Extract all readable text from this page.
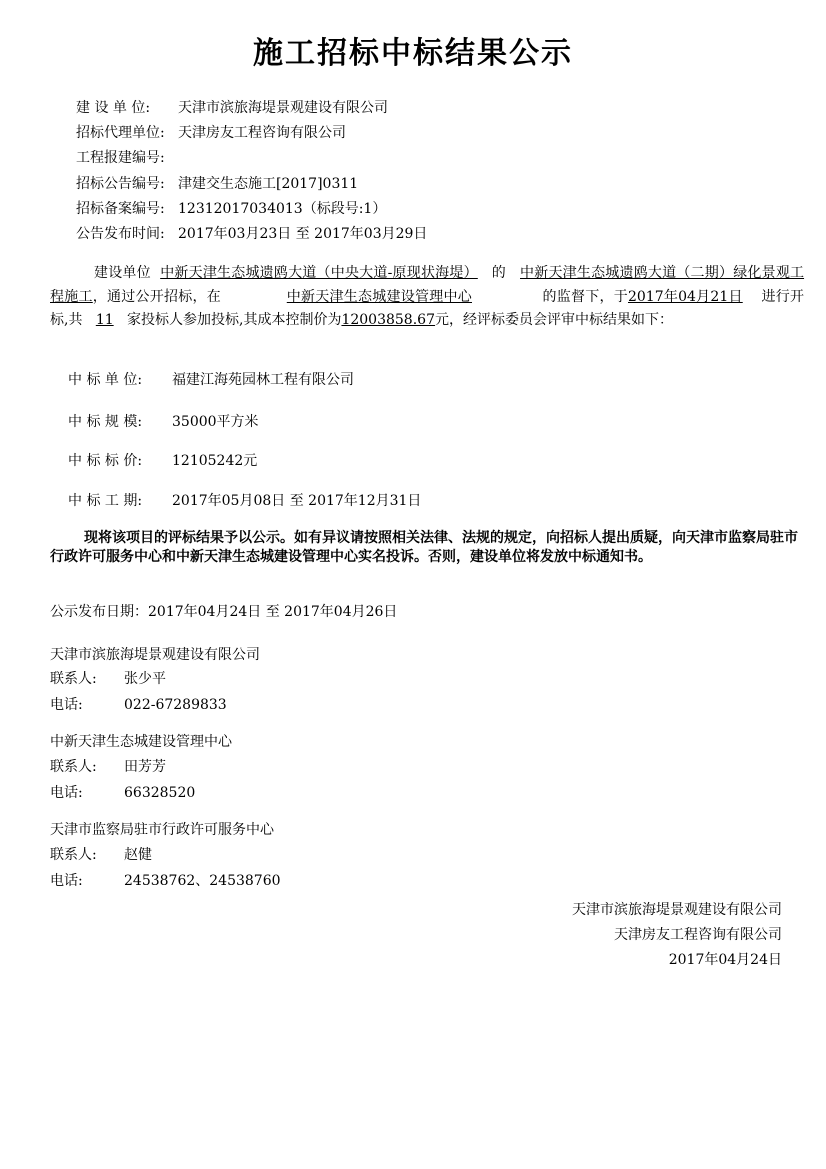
施工招标中标结果公示
建 设 单 位: 天津市滨旅海堤景观建设有限公司
招标代理单位: 天津房友工程咨询有限公司
工程报建编号:
招标公告编号: 津建交生态施工[2017]0311
招标备案编号: 12312017034013（标段号:1）
公告发布时间: 2017年03月23日 至 2017年03月29日
建设单位 中新天津生态城遗鸥大道（中央大道-原现状海堤） 的 中新天津生态城遗鸥大道（二期）绿化景观工程施工，通过公开招标，在	中新天津生态城建设管理中心	的监督下，于2017年04月21日 进行开标,共 11 家投标人参加投标,其成本控制价为12003858.67元，经评标委员会评审中标结果如下：
中 标 单 位: 福建江海苑园林工程有限公司
中 标 规 模: 35000平方米
中 标 标 价: 12105242元
中 标 工 期: 2017年05月08日 至 2017年12月31日
现将该项目的评标结果予以公示。如有异议请按照相关法律、法规的规定，向招标人提出质疑，向天津市监察局驻市行政许可服务中心和中新天津生态城建设管理中心实名投诉。否则，建设单位将发放中标通知书。
公示发布日期：2017年04月24日 至 2017年04月26日
天津市滨旅海堤景观建设有限公司
联系人: 张少平
电话:	022-67289833
中新天津生态城建设管理中心
联系人: 田芳芳
电话:	66328520
天津市监察局驻市行政许可服务中心
联系人: 赵健
电话:	24538762、24538760
天津市滨旅海堤景观建设有限公司
天津房友工程咨询有限公司
2017年04月24日
